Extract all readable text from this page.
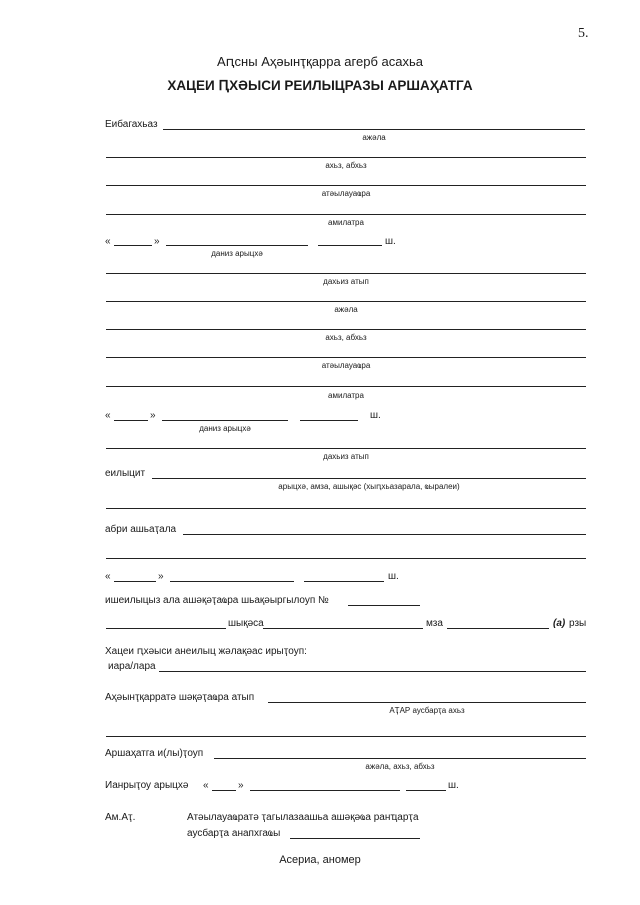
5.
Аԥсны Аҳәынҭқарра агерб асахьа
ХАЦЕИ ԤХӘЫСИ РЕИЛЫЦРАЗЫ АРШАҲАТГА
Еибагахьаз
ажәла
ахьз, абхьз
атәылауаҩра
амилатра
«	»	ш.
даниз арыцхә
дахьиз атып
ажәла
ахьз, абхьз
атәылауаҩра
амилатра
«	»	ш.
даниз арыцхә
дахьиз атып
еилыцит
арыцхә, амза, ашықәс (хыԥхьазарала, ҩыралеи)
абри ашьаҭала
«	»	ш.
ишеилыцыз ала ашәқәҭаҩра шьақәыргылоуп №
шықәса	мза	(а) рзы
Хацеи ԥхәыси анеилыц жәлақәас ирыҭоуп:
иара/лара
Аҳәынҭқарратә шәқәҭаҩра атып
АҬАР аусбарҭа ахьз
Аршаҳатга и(лы)ҭоуп
ажәла, ахьз, абхьз
Ианрыҭоу арыцхә «	»	ш.
Ам.Аҭ.	Атәылауаҩратә ҭагылазаашьа ашәқәҩа ранҵарҭа
аусбарҭа анапхгаҩы
Асериа, аномер
